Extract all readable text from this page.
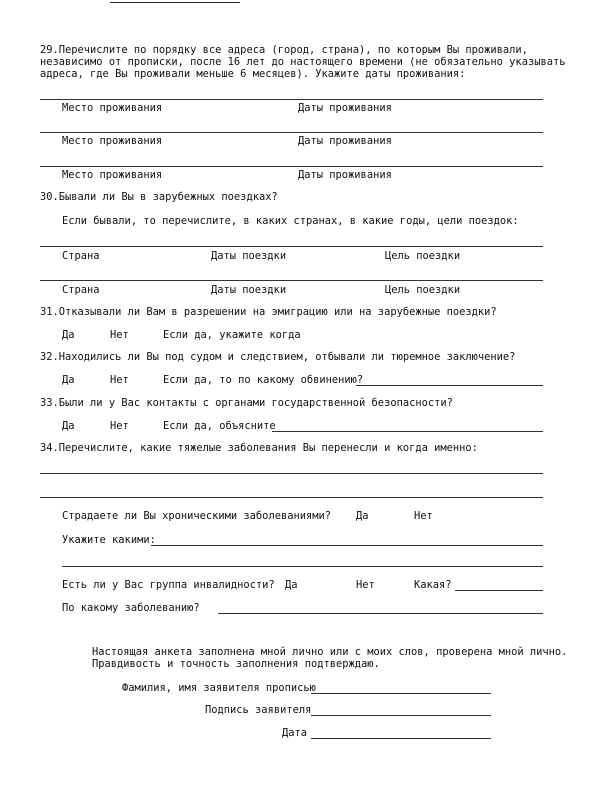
29.Перечислите по порядку все адреса (город, страна), по которым Вы проживали,
независимо от прописки, после 16 лет до настоящего времени (не обязательно указывать
адреса, где Вы проживали меньше 6 месяцев). Укажите даты проживания:
Место проживания	Даты проживания
Место проживания	Даты проживания
Место проживания	Даты проживания
30.Бывали ли Вы в зарубежных поездках?
Если бывали, то перечислите, в каких странах, в какие годы, цели поездок:
Страна	Даты поездки	Цель поездки
Страна	Даты поездки	Цель поездки
31.Отказывали ли Вам в разрешении на эмиграцию или на зарубежные поездки?
Да	Нет	Если да, укажите когда
32.Находились ли Вы под судом и следствием, отбывали ли тюремное заключение?
Да	Нет	Если да, то по какому обвинению?
33.Были ли у Вас контакты с органами государственной безопасности?
Да	Нет	Если да, объясните
34.Перечислите, какие тяжелые заболевания Вы перенесли и когда именно:
Страдаете ли Вы хроническими заболеваниями? Да	Нет
Укажите какими:
Есть ли у Вас группа инвалидности? Да	Нет	Какая?
По какому заболеванию?
Настоящая анкета заполнена мной лично или с моих слов, проверена мной лично.
Правдивость и точность заполнения подтверждаю.
Фамилия, имя заявителя прописью
Подпись заявителя
Дата
